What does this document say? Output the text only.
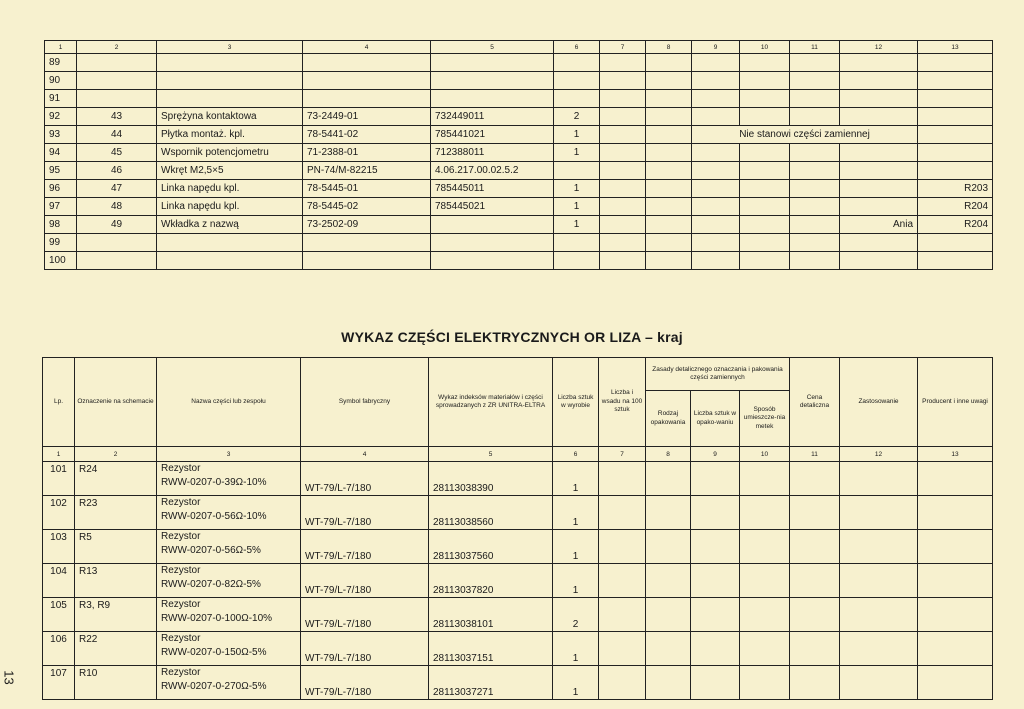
1	2	3	4	5	6	7	8	9	10	11	12	13
89												
90												
91												
92	43	Sprężyna kontaktowa	73-2449-01	732449011	2							
93	44	Płytka montaż. kpl.	78-5441-02	785441021	1			Nie stanowi części zamiennej				
94	45	Wspornik potencjometru	71-2388-01	712388011	1							
95	46	Wkręt M2,5×5	PN-74/M-82215	4.06.217.00.02.5.2								
96	47	Linka napędu kpl.	78-5445-01	785445011	1							R203
97	48	Linka napędu kpl.	78-5445-02	785445021	1							R204
98	49	Wkładka z nazwą	73-2502-09		1						Ania	R204
99												
100												
WYKAZ CZĘŚCI ELEKTRYCZNYCH OR LIZA – kraj
Lp.	Oznaczenie na schemacie	Nazwa części lub zespołu	Symbol fabryczny	Wykaz indeksów materiałów i części sprowadzanych z ZR UNITRA-ELTRA	Liczba sztuk w wyrobie	Liczba i wsadu na 100 sztuk	Zasady detalicznego oznaczania i pakowania części zamiennych			Cena detaliczna	Zastosowanie	Producent i inne uwagi
							Rodzaj opakowania	Liczba sztuk w opako-waniu	Sposób umieszcze-nia metek			
1	2	3	4	5	6	7	8	9	10	11	12	13
101	R24	Rezystor
RWW-0207-0-39Ω-10%	WT-79/L-7/180	28113038390	1							
102	R23	Rezystor
RWW-0207-0-56Ω-10%	WT-79/L-7/180	28113038560	1							
103	R5	Rezystor
RWW-0207-0-56Ω-5%	WT-79/L-7/180	28113037560	1							
104	R13	Rezystor
RWW-0207-0-82Ω-5%	WT-79/L-7/180	28113037820	1							
105	R3, R9	Rezystor
RWW-0207-0-100Ω-10%	WT-79/L-7/180	28113038101	2							
106	R22	Rezystor
RWW-0207-0-150Ω-5%	WT-79/L-7/180	28113037151	1							
107	R10	Rezystor
RWW-0207-0-270Ω-5%	WT-79/L-7/180	28113037271	1							
13
